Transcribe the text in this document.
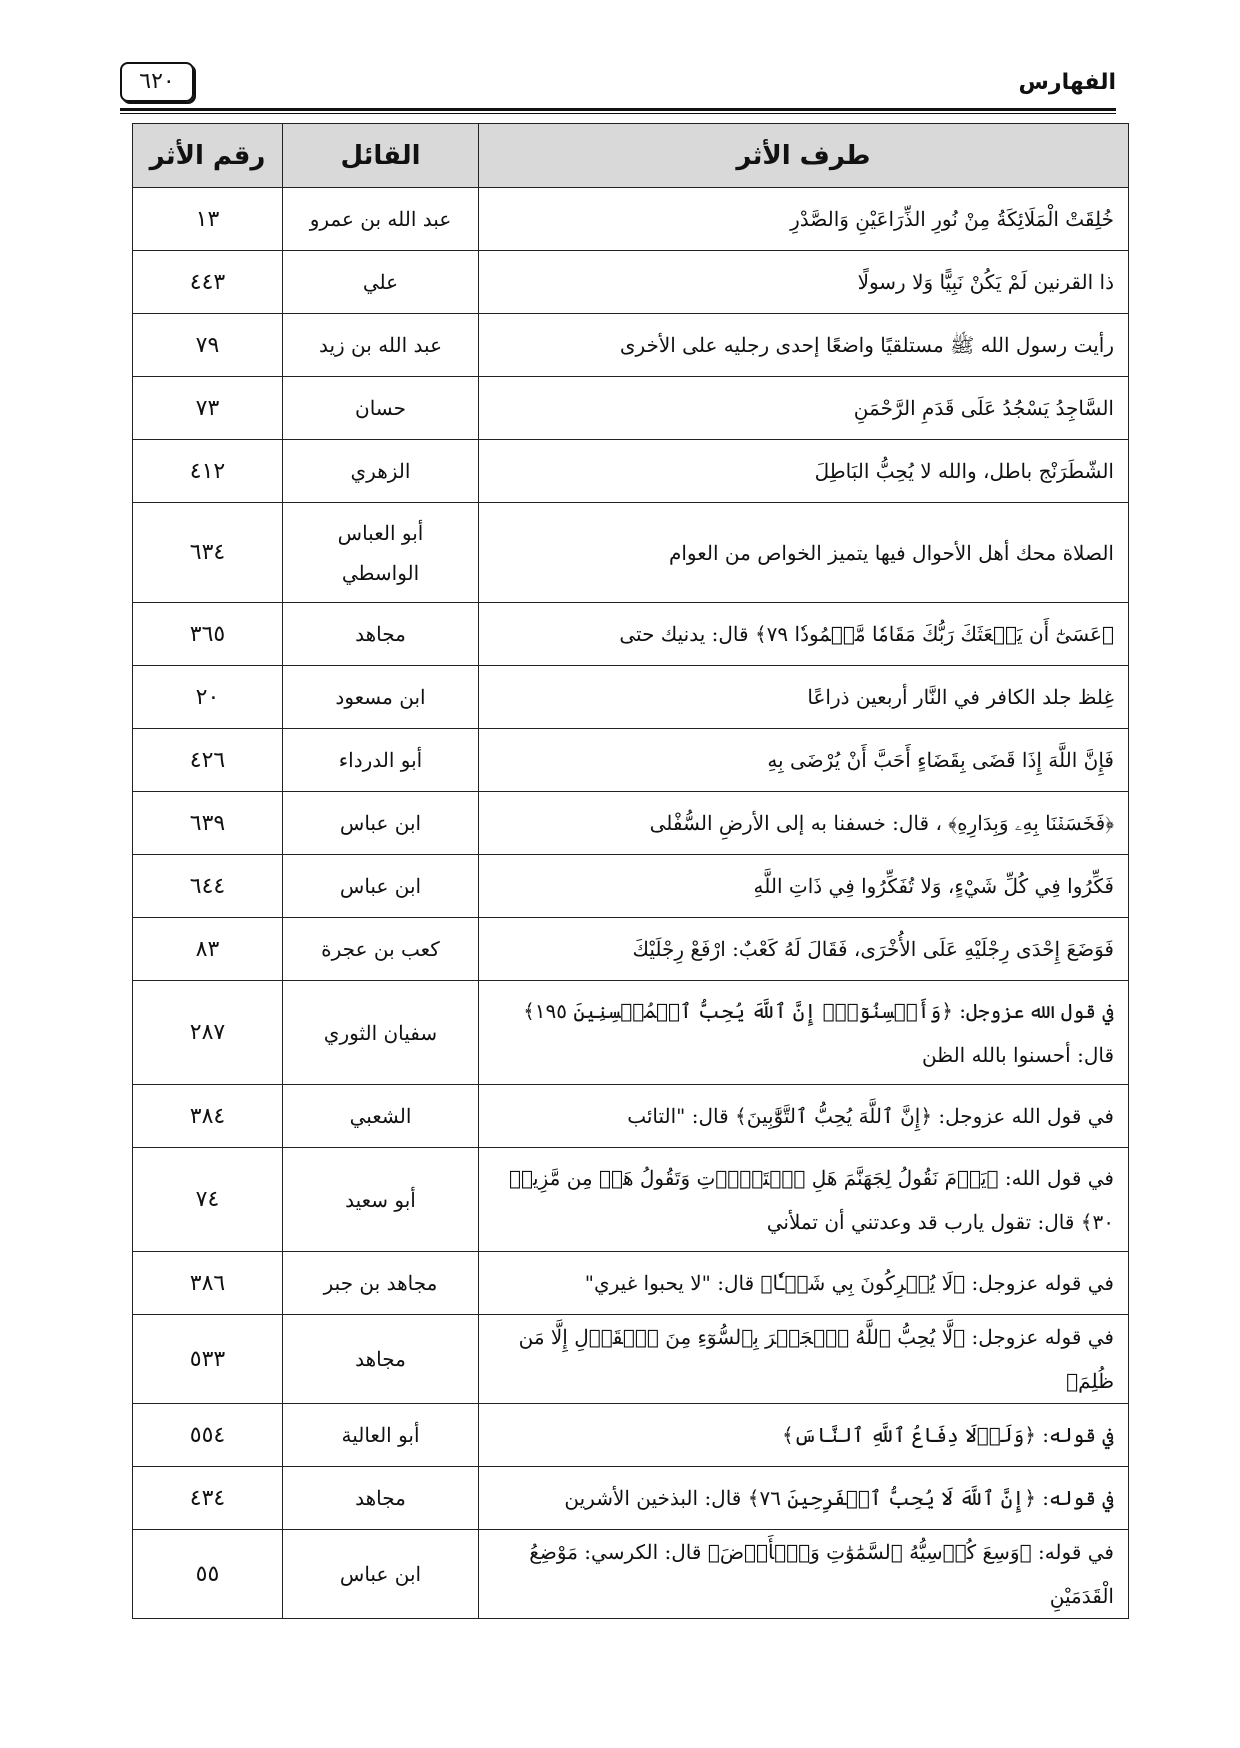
٦٢٠	الفهارس
طرف الأثر	القائل	رقم الأثر
خُلِقَتْ الْمَلَائِكَةُ مِنْ نُورِ الذِّرَاعَيْنِ وَالصَّدْرِ	عبد الله بن عمرو	١٣
ذا القرنين لَمْ يَكُنْ نَبِيًّا وَلا رسولًا	علي	٤٤٣
رأيت رسول الله ﷺ مستلقيًا واضعًا إحدى رجليه على الأخرى	عبد الله بن زيد	٧٩
السَّاجِدُ يَسْجُدُ عَلَى قَدَمِ الرَّحْمَنِ	حسان	٧٣
الشّطَرَنْج باطل، والله لا يُحِبُّ البَاطِلَ	الزهري	٤١٢
الصلاة محك أهل الأحوال فيها يتميز الخواص من العوام	أبو العباس الواسطي	٦٣٤
﴿عَسَىٰٓ أَن يَبۡعَثَكَ رَبُّكَ مَقَامٗا مَّحۡمُودٗا ٧٩﴾ قال: يدنيك حتى	مجاهد	٣٦٥
غِلظ جلد الكافر في النَّار أربعين ذراعًا	ابن مسعود	٢٠
فَإِنَّ اللَّهَ إِذَا قَضَى بِقَضَاءٍ أَحَبَّ أَنْ يُرْضَى بِهِ	أبو الدرداء	٤٢٦
﴿فَخَسَفۡنَا بِهِۦ وَبِدَارِهِ﴾ ، قال: خسفنا به إلى الأرضِ السُّفْلى	ابن عباس	٦٣٩
فَكِّرُوا فِي كُلِّ شَيْءٍ، وَلا تُفَكِّرُوا فِي ذَاتِ اللَّهِ	ابن عباس	٦٤٤
فَوَضَعَ إِحْدَى رِجْلَيْهِ عَلَى الأُخْرَى، فَقَالَ لَهُ كَعْبٌ: ارْفَعْ رِجْلَيْكَ	كعب بن عجرة	٨٣
في قول الله عزوجل: ﴿وَأَحۡسِنُوٓاْۚ إِنَّ ٱللَّهَ يُحِبُّ ٱلۡمُحۡسِنِينَ ١٩٥﴾ قال: أحسنوا بالله الظن	سفيان الثوري	٢٨٧
في قول الله عزوجل: ﴿إِنَّ ٱللَّهَ يُحِبُّ ٱلتَّوَّٰبِينَ﴾ قال: "التائب	الشعبي	٣٨٤
في قول الله: ﴿يَوۡمَ نَقُولُ لِجَهَنَّمَ هَلِ ٱمۡتَلَأۡتِ وَتَقُولُ هَلۡ مِن مَّزِيدٖ ٣٠﴾ قال: تقول يارب قد وعدتني أن تملأني	أبو سعيد	٧٤
في قوله عزوجل: ﴿لَا يُشۡرِكُونَ بِي شَيۡـٔٗا﴾ قال: "لا يحبوا غيري"	مجاهد بن جبر	٣٨٦
في قوله عزوجل: ﴿لَّا يُحِبُّ ٱللَّهُ ٱلۡجَهۡرَ بِٱلسُّوٓءِ مِنَ ٱلۡقَوۡلِ إِلَّا مَن ظُلِمَ﴾	مجاهد	٥٣٣
في قوله: ﴿وَلَوۡلَا دِفَاعُ ٱللَّهِ ٱلنَّاسَ﴾	أبو العالية	٥٥٤
في قوله: ﴿إِنَّ ٱللَّهَ لَا يُحِبُّ ٱلۡفَرِحِينَ ٧٦﴾ قال: البذخين الأشرين	مجاهد	٤٣٤
في قوله: ﴿وَسِعَ كُرۡسِيُّهُ ٱلسَّمَٰوَٰتِ وَٱلۡأَرۡضَ﴾ قال: الكرسي: مَوْضِعُ الْقَدَمَيْنِ	ابن عباس	٥٥
